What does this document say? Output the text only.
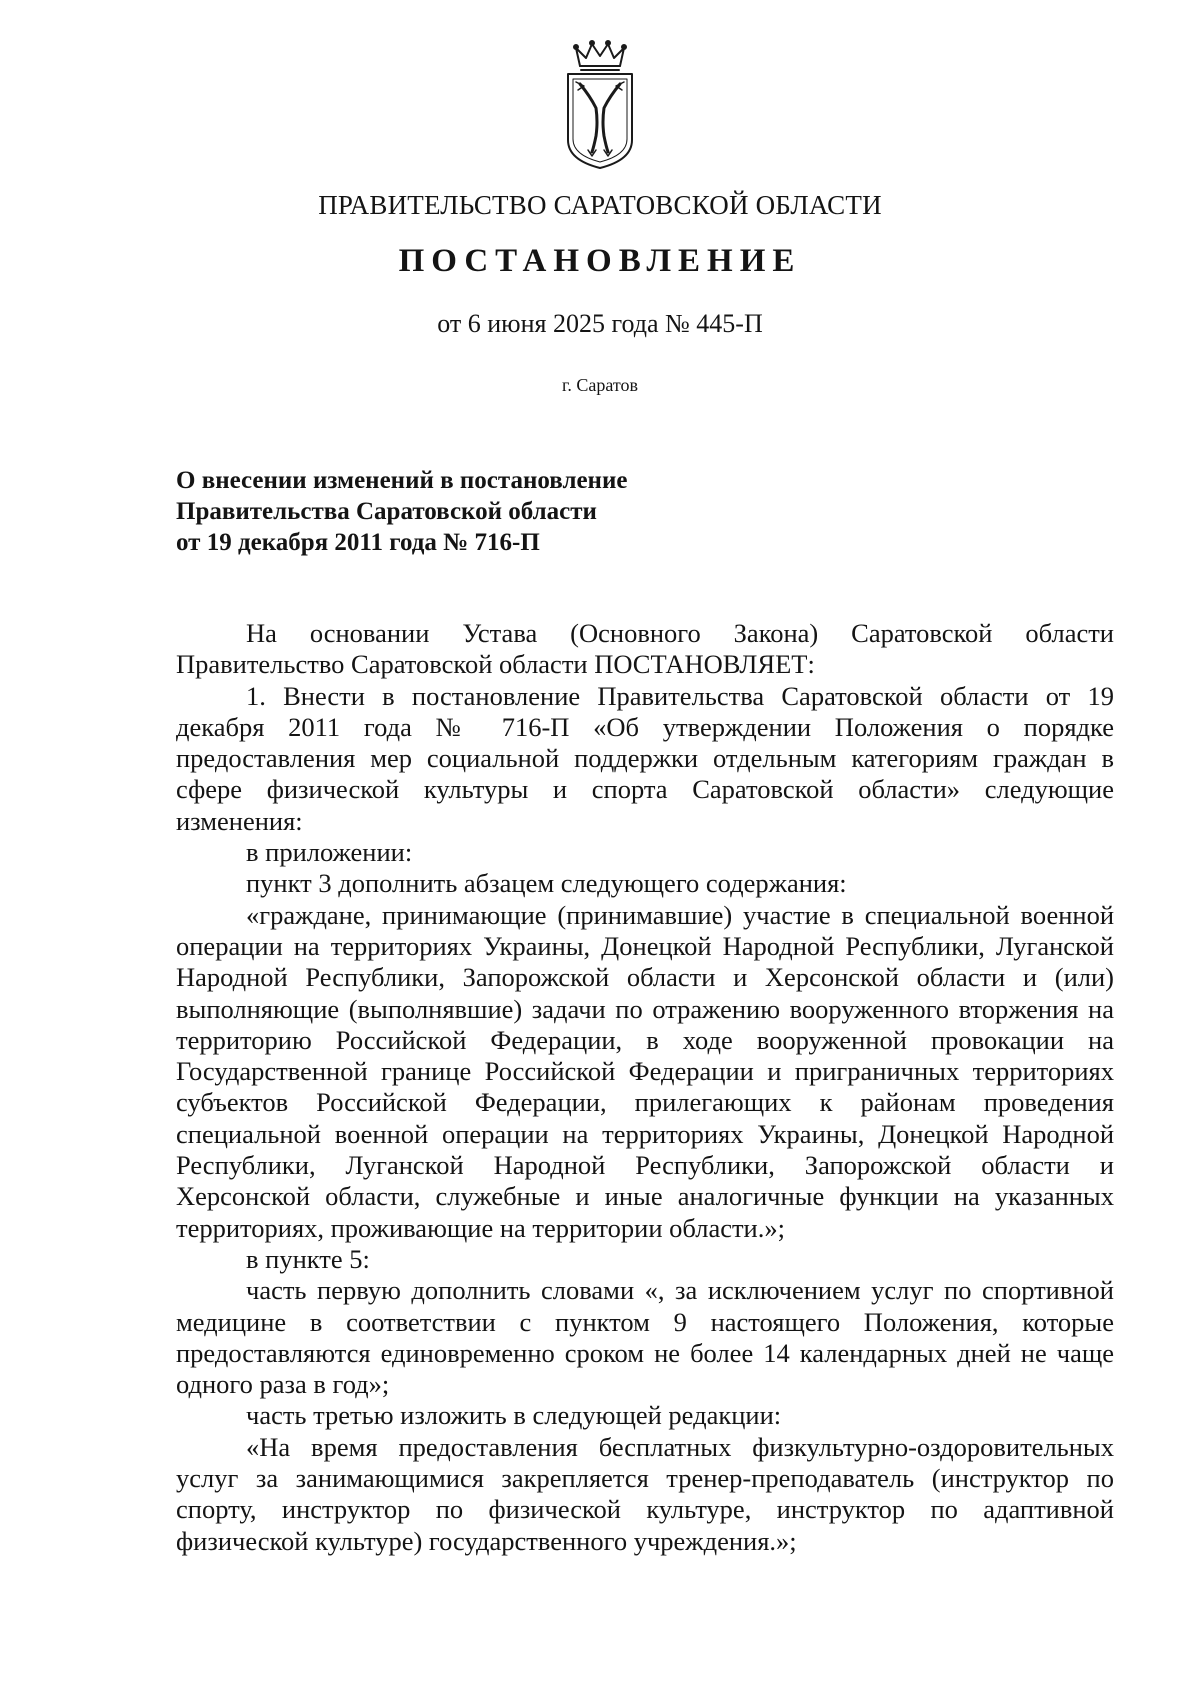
ПРАВИТЕЛЬСТВО САРАТОВСКОЙ ОБЛАСТИ
ПОСТАНОВЛЕНИЕ
от 6 июня 2025 года № 445-П
г. Саратов
О внесении изменений в постановление
Правительства Саратовской области
от 19 декабря 2011 года № 716-П

На основании Устава (Основного Закона) Саратовской области Правительство Саратовской области ПОСТАНОВЛЯЕТ:

1. Внести в постановление Правительства Саратовской области от 19 декабря 2011 года № 716-П «Об утверждении Положения о порядке предоставления мер социальной поддержки отдельным категориям граждан в сфере физической культуры и спорта Саратовской области» следующие изменения:

в приложении:

пункт 3 дополнить абзацем следующего содержания:

«граждане, принимающие (принимавшие) участие в специальной военной операции на территориях Украины, Донецкой Народной Республики, Луганской Народной Республики, Запорожской области и Херсонской области и (или) выполняющие (выполнявшие) задачи по отражению вооруженного вторжения на территорию Российской Федерации, в ходе вооруженной провокации на Государственной границе Российской Федерации и приграничных территориях субъектов Российской Федерации, прилегающих к районам проведения специальной военной операции на территориях Украины, Донецкой Народной Республики, Луганской Народной Республики, Запорожской области и Херсонской области, служебные и иные аналогичные функции на указанных территориях, проживающие на территории области.»;

в пункте 5:

часть первую дополнить словами «, за исключением услуг по спортивной медицине в соответствии с пунктом 9 настоящего Положения, которые предоставляются единовременно сроком не более 14 календарных дней не чаще одного раза в год»;

часть третью изложить в следующей редакции:

«На время предоставления бесплатных физкультурно-оздоровительных услуг за занимающимися закрепляется тренер-преподаватель (инструктор по спорту, инструктор по физической культуре, инструктор по адаптивной физической культуре) государственного учреждения.»;
